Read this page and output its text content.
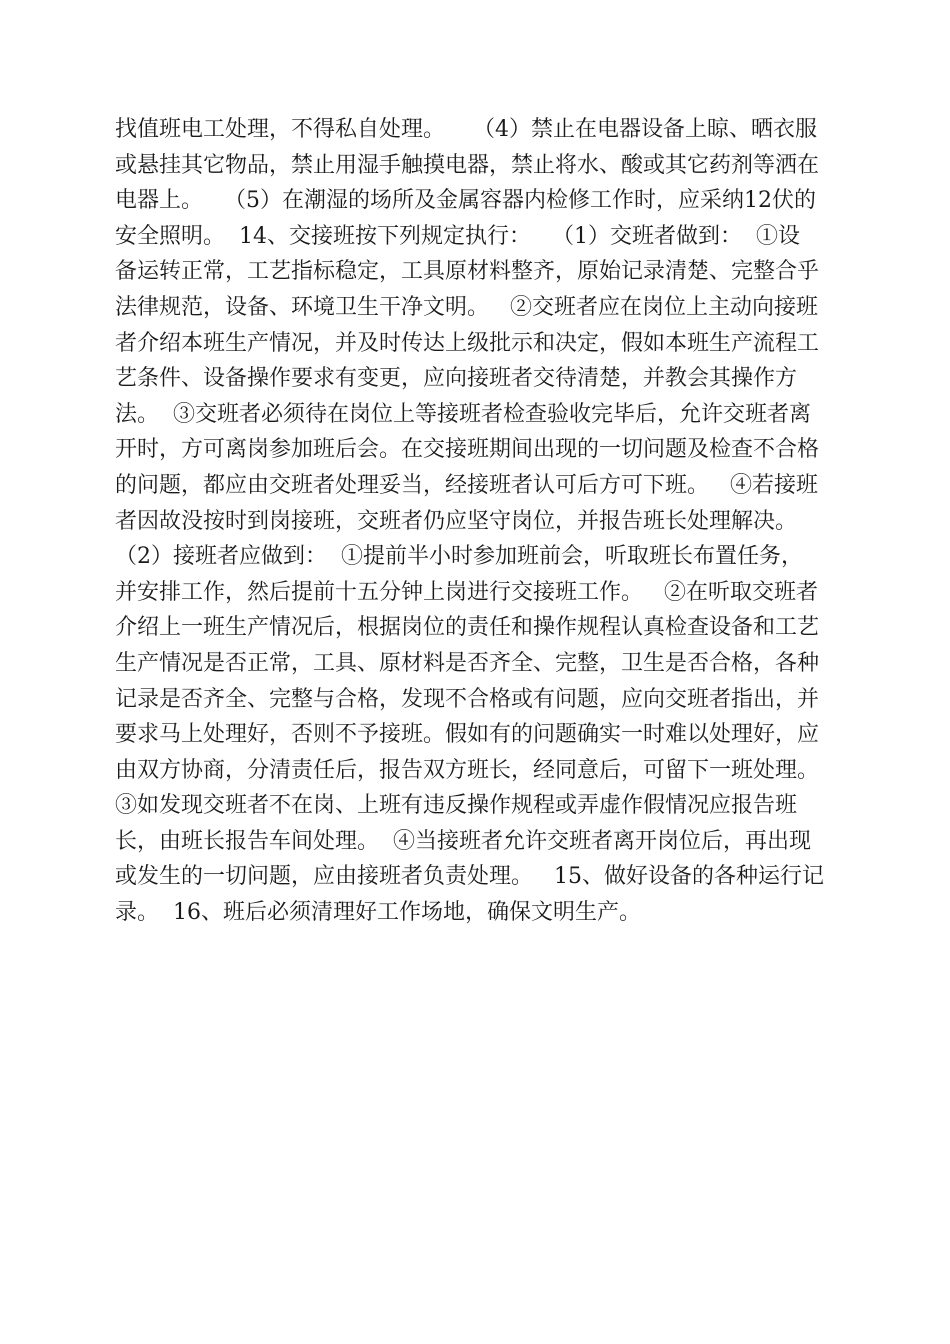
找值班电工处理，不得私自处理。    （4）禁止在电器设备上晾、晒衣服
或悬挂其它物品，禁止用湿手触摸电器，禁止将水、酸或其它药剂等洒在
电器上。   （5）在潮湿的场所及金属容器内检修工作时，应采纳12伏的
安全照明。  14、交接班按下列规定执行：   （1）交班者做到：  ①设
备运转正常，工艺指标稳定，工具原材料整齐，原始记录清楚、完整合乎
法律规范，设备、环境卫生干净文明。   ②交班者应在岗位上主动向接班
者介绍本班生产情况，并及时传达上级批示和决定，假如本班生产流程工
艺条件、设备操作要求有变更，应向接班者交待清楚，并教会其操作方
法。  ③交班者必须待在岗位上等接班者检查验收完毕后，允许交班者离
开时，方可离岗参加班后会。在交接班期间出现的一切问题及检查不合格
的问题，都应由交班者处理妥当，经接班者认可后方可下班。   ④若接班
者因故没按时到岗接班，交班者仍应坚守岗位，并报告班长处理解决。
（2）接班者应做到：  ①提前半小时参加班前会，听取班长布置任务，
并安排工作，然后提前十五分钟上岗进行交接班工作。   ②在听取交班者
介绍上一班生产情况后，根据岗位的责任和操作规程认真检查设备和工艺
生产情况是否正常，工具、原材料是否齐全、完整，卫生是否合格，各种
记录是否齐全、完整与合格，发现不合格或有问题，应向交班者指出，并
要求马上处理好，否则不予接班。假如有的问题确实一时难以处理好，应
由双方协商，分清责任后，报告双方班长，经同意后，可留下一班处理。
③如发现交班者不在岗、上班有违反操作规程或弄虚作假情况应报告班
长，由班长报告车间处理。  ④当接班者允许交班者离开岗位后，再出现
或发生的一切问题，应由接班者负责处理。   15、做好设备的各种运行记
录。  16、班后必须清理好工作场地，确保文明生产。
